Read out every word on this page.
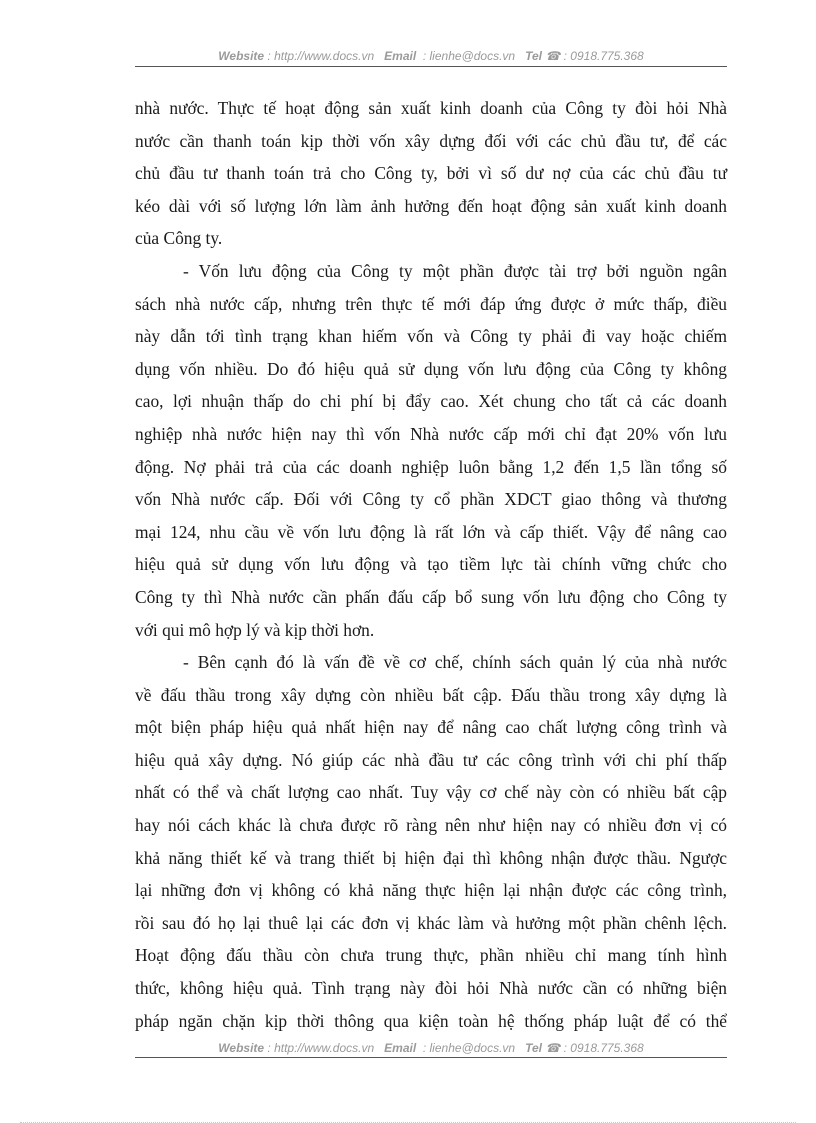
Website : http://www.docs.vn Email : lienhe@docs.vn Tel ☎ : 0918.775.368

nhà nước. Thực tế hoạt động sản xuất kinh doanh của Công ty đòi hỏi Nhà
nước cần thanh toán kịp thời vốn xây dựng đối với các chủ đầu tư, để các
chủ đầu tư thanh toán trả cho Công ty, bởi vì số dư nợ của các chủ đầu tư
kéo dài với số lượng lớn làm ảnh hưởng đến hoạt động sản xuất kinh doanh
của Công ty.

- Vốn lưu động của Công ty một phần được tài trợ bởi nguồn ngân
sách nhà nước cấp, nhưng trên thực tế mới đáp ứng được ở mức thấp, điều
này dẫn tới tình trạng khan hiếm vốn và Công ty phải đi vay hoặc chiếm
dụng vốn nhiều. Do đó hiệu quả sử dụng vốn lưu động của Công ty không
cao, lợi nhuận thấp do chi phí bị đẩy cao. Xét chung cho tất cả các doanh
nghiệp nhà nước hiện nay thì vốn Nhà nước cấp mới chỉ đạt 20% vốn lưu
động. Nợ phải trả của các doanh nghiệp luôn bằng 1,2 đến 1,5 lần tổng số
vốn Nhà nước cấp. Đối với Công ty cổ phần XDCT giao thông và thương
mại 124, nhu cầu về vốn lưu động là rất lớn và cấp thiết. Vậy để nâng cao
hiệu quả sử dụng vốn lưu động và tạo tiềm lực tài chính vững chức cho
Công ty thì Nhà nước cần phấn đấu cấp bổ sung vốn lưu động cho Công ty
với qui mô hợp lý và kịp thời hơn.

- Bên cạnh đó là vấn đề về cơ chế, chính sách quản lý của nhà nước
về đấu thầu trong xây dựng còn nhiều bất cập. Đấu thầu trong xây dựng là
một biện pháp hiệu quả nhất hiện nay để nâng cao chất lượng công trình và
hiệu quả xây dựng. Nó giúp các nhà đầu tư các công trình với chi phí thấp
nhất có thể và chất lượng cao nhất. Tuy vậy cơ chế này còn có nhiều bất cập
hay nói cách khác là chưa được rõ ràng nên như hiện nay có nhiều đơn vị có
khả năng thiết kế và trang thiết bị hiện đại thì không nhận được thầu. Ngược
lại những đơn vị không có khả năng thực hiện lại nhận được các công trình,
rồi sau đó họ lại thuê lại các đơn vị khác làm và hưởng một phần chênh lệch.
Hoạt động đấu thầu còn chưa trung thực, phần nhiều chỉ mang tính hình
thức, không hiệu quả. Tình trạng này đòi hỏi Nhà nước cần có những biện
pháp ngăn chặn kịp thời thông qua kiện toàn hệ thống pháp luật để có thể

Website : http://www.docs.vn Email : lienhe@docs.vn Tel ☎ : 0918.775.368
